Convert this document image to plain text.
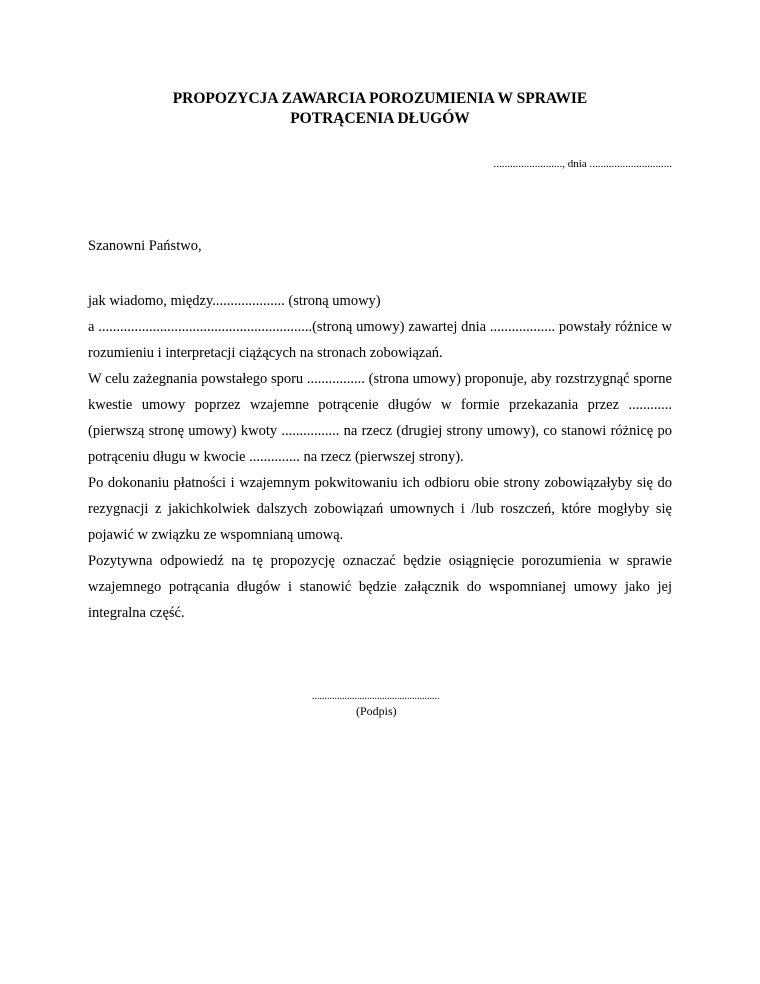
PROPOZYCJA ZAWARCIA POROZUMIENIA W SPRAWIE
POTRĄCENIA DŁUGÓW
........................., dnia ..............................
Szanowni Państwo,

jak wiadomo, między.................... (stroną umowy)

a ...........................................................(stroną umowy) zawartej dnia .................. powstały różnice w rozumieniu i interpretacji ciążących na stronach zobowiązań.

W celu zażegnania powstałego sporu ................ (strona umowy) proponuje, aby rozstrzygnąć sporne kwestie umowy poprzez wzajemne potrącenie długów w formie przekazania przez ............ (pierwszą stronę umowy) kwoty ................ na rzecz (drugiej strony umowy), co stanowi różnicę po potrąceniu długu w kwocie .............. na rzecz (pierwszej strony).

Po dokonaniu płatności i wzajemnym pokwitowaniu ich odbioru obie strony zobowiązałyby się do rezygnacji z jakichkolwiek dalszych zobowiązań umownych i /lub roszczeń, które mogłyby się pojawić w związku ze wspomnianą umową.

Pozytywna odpowiedź na tę propozycję oznaczać będzie osiągnięcie porozumienia w sprawie wzajemnego potrącania długów i stanowić będzie załącznik do wspomnianej umowy jako jej integralna część.

...................................................
(Podpis)
